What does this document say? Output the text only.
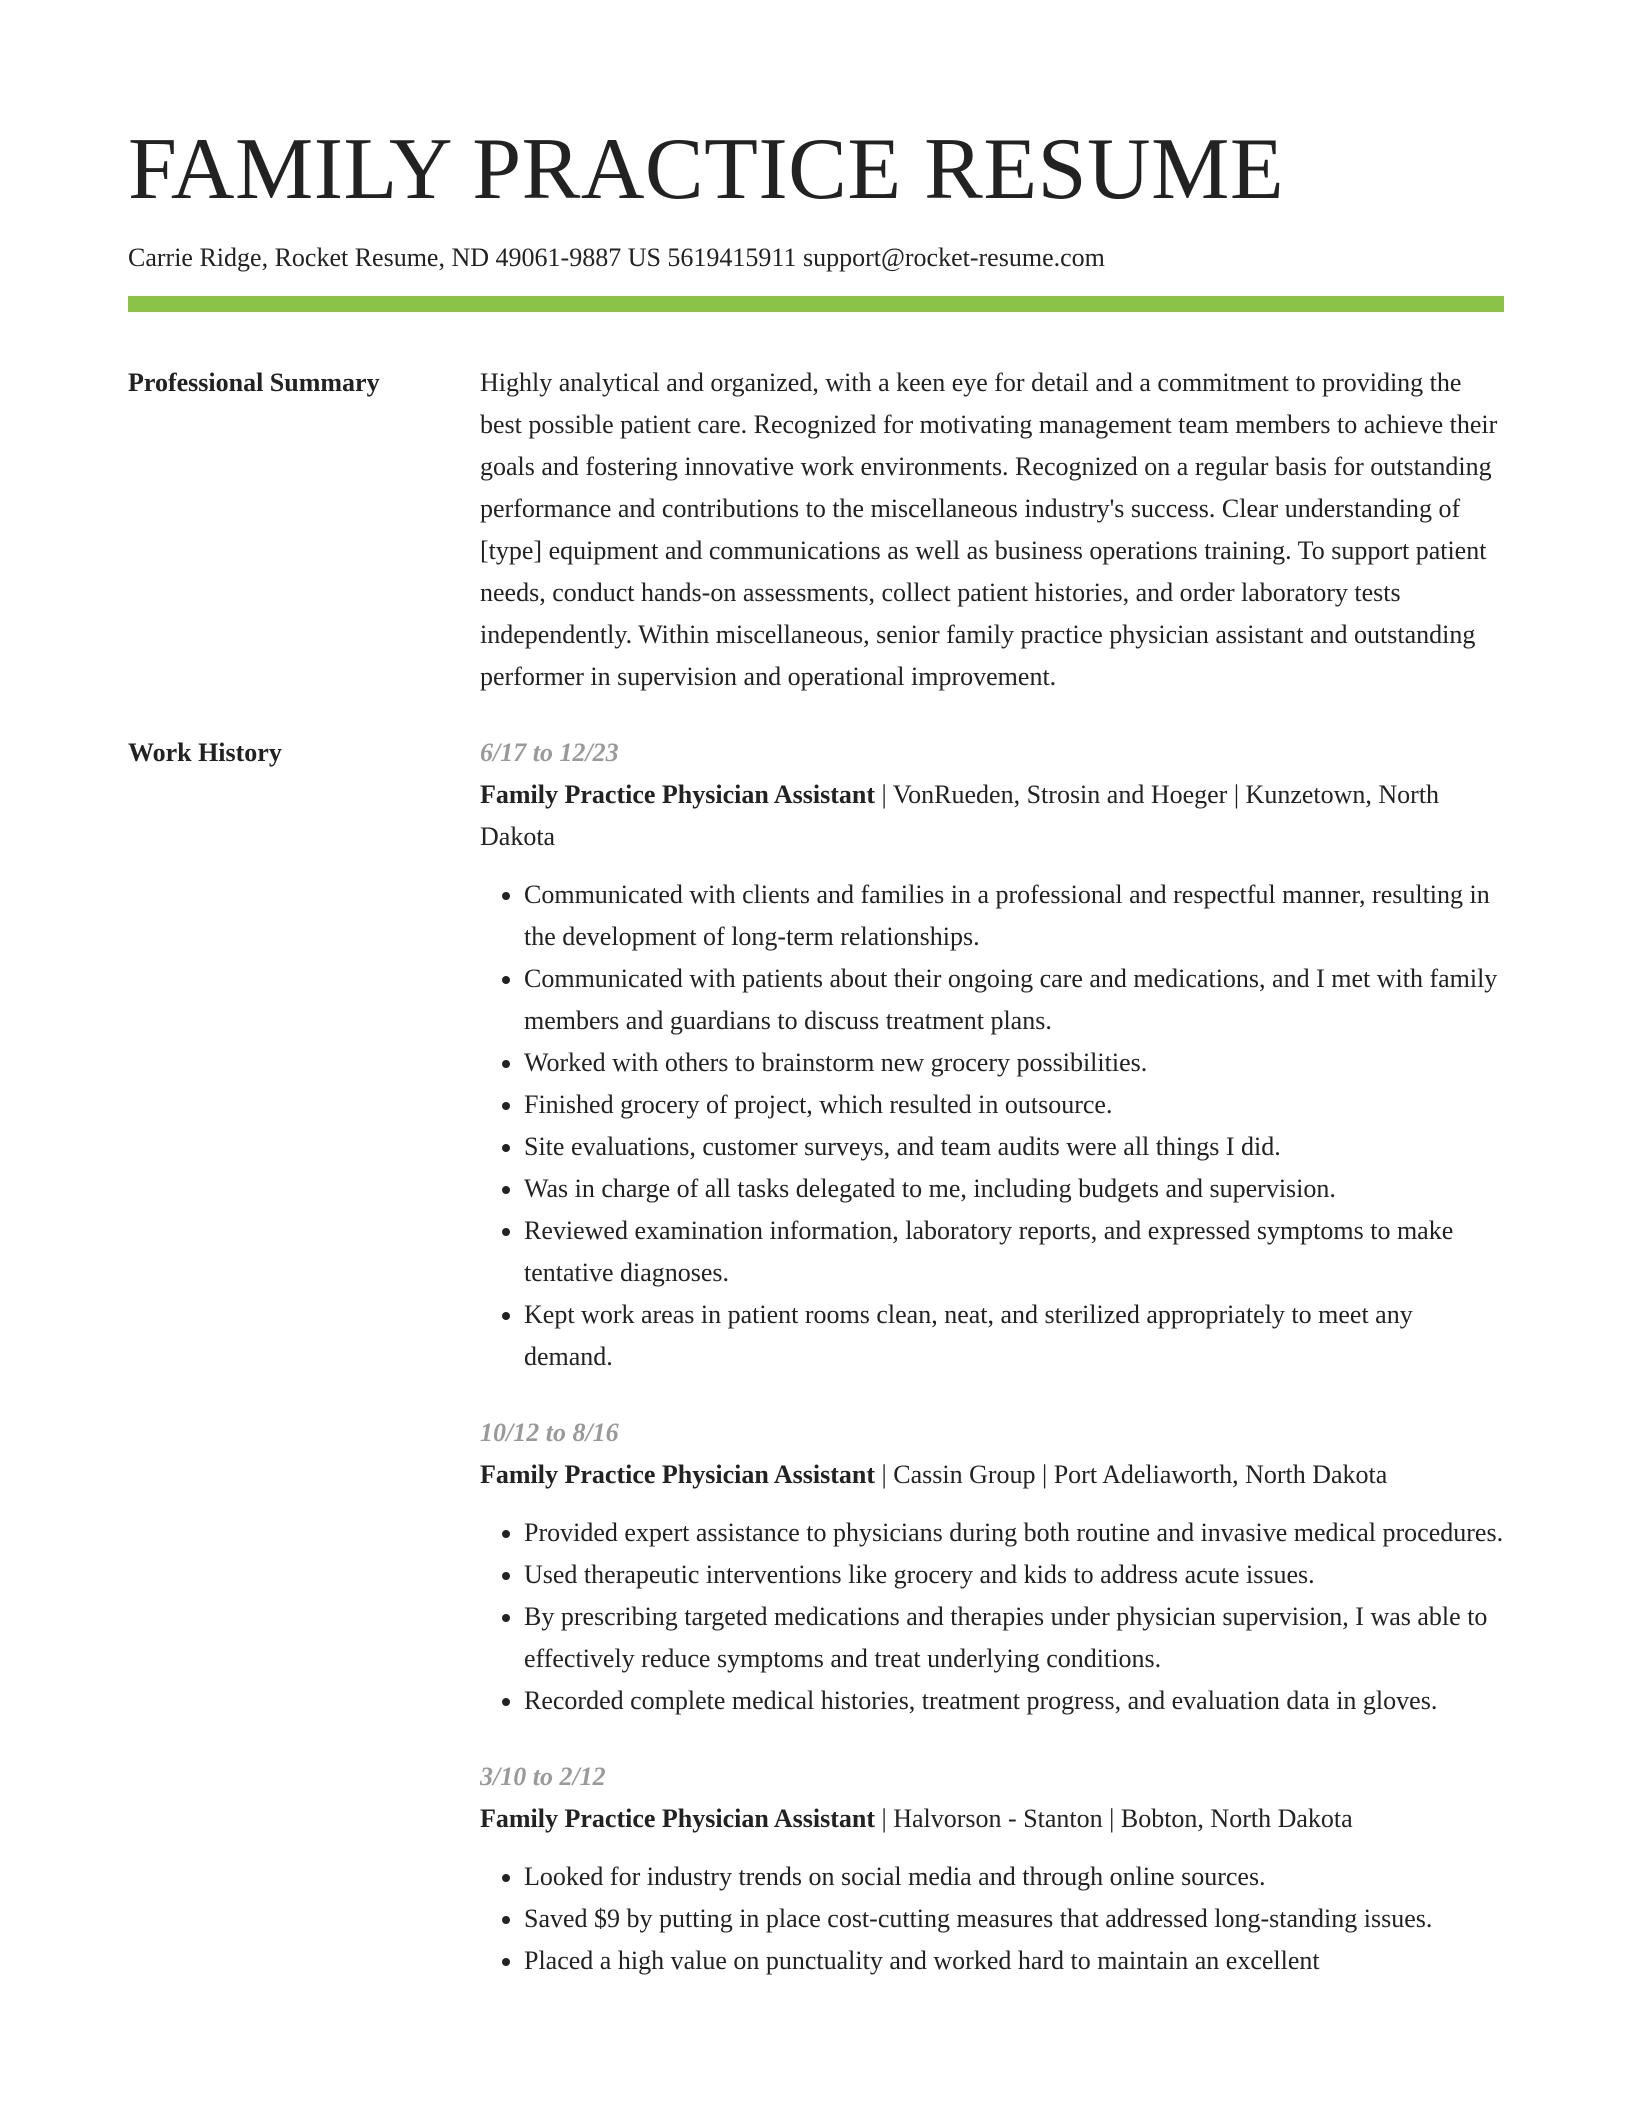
FAMILY PRACTICE RESUME
Carrie Ridge, Rocket Resume, ND 49061-9887 US 5619415911 support@rocket-resume.com
Professional Summary	Highly analytical and organized, with a keen eye for detail and a commitment to providing the best possible patient care. Recognized for motivating management team members to achieve their goals and fostering innovative work environments. Recognized on a regular basis for outstanding performance and contributions to the miscellaneous industry's success. Clear understanding of [type] equipment and communications as well as business operations training. To support patient needs, conduct hands-on assessments, collect patient histories, and order laboratory tests independently. Within miscellaneous, senior family practice physician assistant and outstanding performer in supervision and operational improvement.
Work History	6/17 to 12/23
Family Practice Physician Assistant | VonRueden, Strosin and Hoeger | Kunzetown, North Dakota
• Communicated with clients and families in a professional and respectful manner, resulting in the development of long-term relationships.
• Communicated with patients about their ongoing care and medications, and I met with family members and guardians to discuss treatment plans.
• Worked with others to brainstorm new grocery possibilities.
• Finished grocery of project, which resulted in outsource.
• Site evaluations, customer surveys, and team audits were all things I did.
• Was in charge of all tasks delegated to me, including budgets and supervision.
• Reviewed examination information, laboratory reports, and expressed symptoms to make tentative diagnoses.
• Kept work areas in patient rooms clean, neat, and sterilized appropriately to meet any demand.
10/12 to 8/16
Family Practice Physician Assistant | Cassin Group | Port Adeliaworth, North Dakota
• Provided expert assistance to physicians during both routine and invasive medical procedures.
• Used therapeutic interventions like grocery and kids to address acute issues.
• By prescribing targeted medications and therapies under physician supervision, I was able to effectively reduce symptoms and treat underlying conditions.
• Recorded complete medical histories, treatment progress, and evaluation data in gloves.
3/10 to 2/12
Family Practice Physician Assistant | Halvorson - Stanton | Bobton, North Dakota
• Looked for industry trends on social media and through online sources.
• Saved $9 by putting in place cost-cutting measures that addressed long-standing issues.
• Placed a high value on punctuality and worked hard to maintain an excellent
